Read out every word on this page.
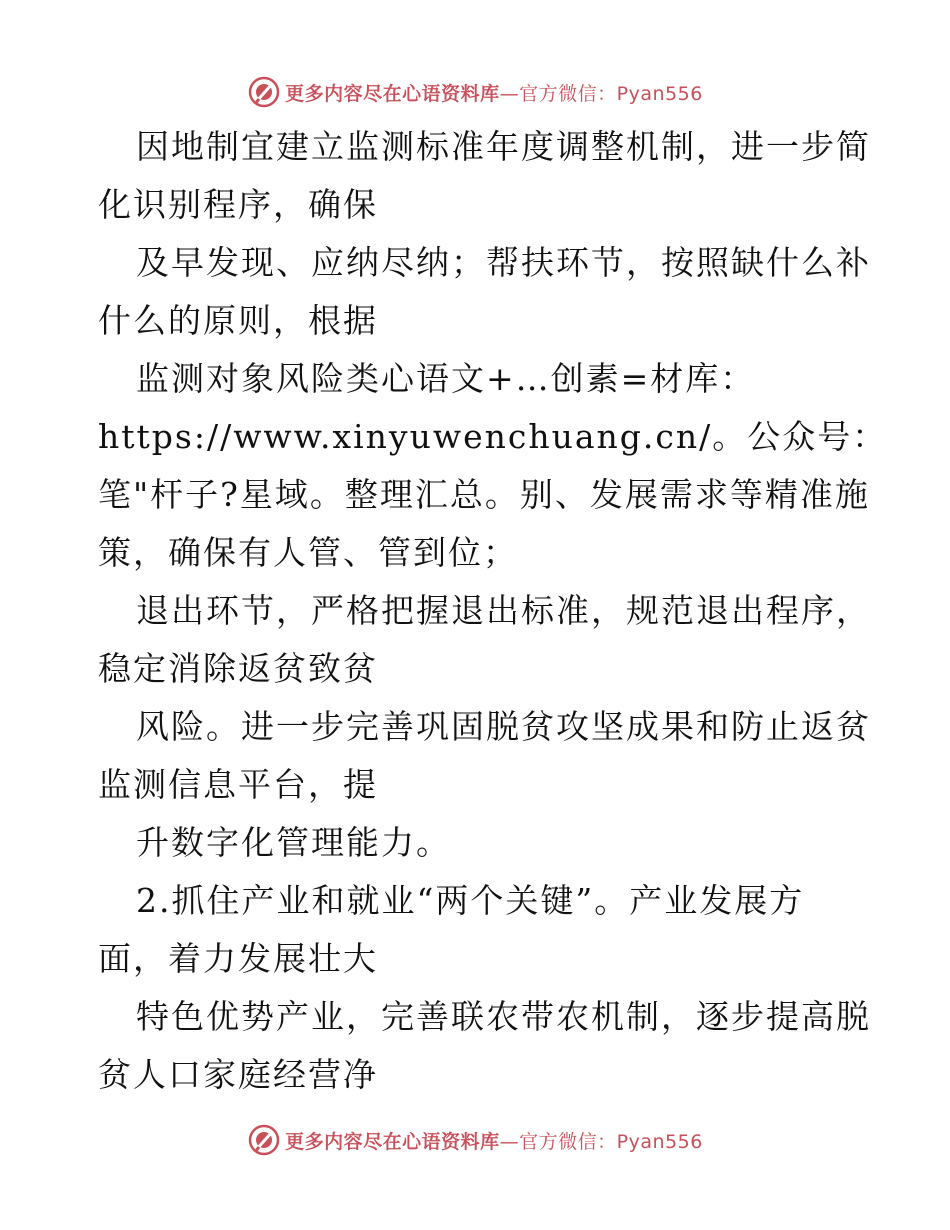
更多内容尽在心语资料库 —官方微信：Pyan556
因地制宜建立监测标准年度调整机制，进一步简
化识别程序，确保
及早发现、应纳尽纳；帮扶环节，按照缺什么补
什么的原则，根据
监测对象风险类心语文+…创素=材库：
https://www.xinyuwenchuang.cn/。公众号：
笔"杆子?星域。整理汇总。别、发展需求等精准施
策，确保有人管、管到位；
退出环节，严格把握退出标准，规范退出程序，
稳定消除返贫致贫
风险。进一步完善巩固脱贫攻坚成果和防止返贫
监测信息平台，提
升数字化管理能力。
2.抓住产业和就业“两个关键”。产业发展方
面，着力发展壮大
特色优势产业，完善联农带农机制，逐步提高脱
贫人口家庭经营净
更多内容尽在心语资料库 —官方微信：Pyan556
